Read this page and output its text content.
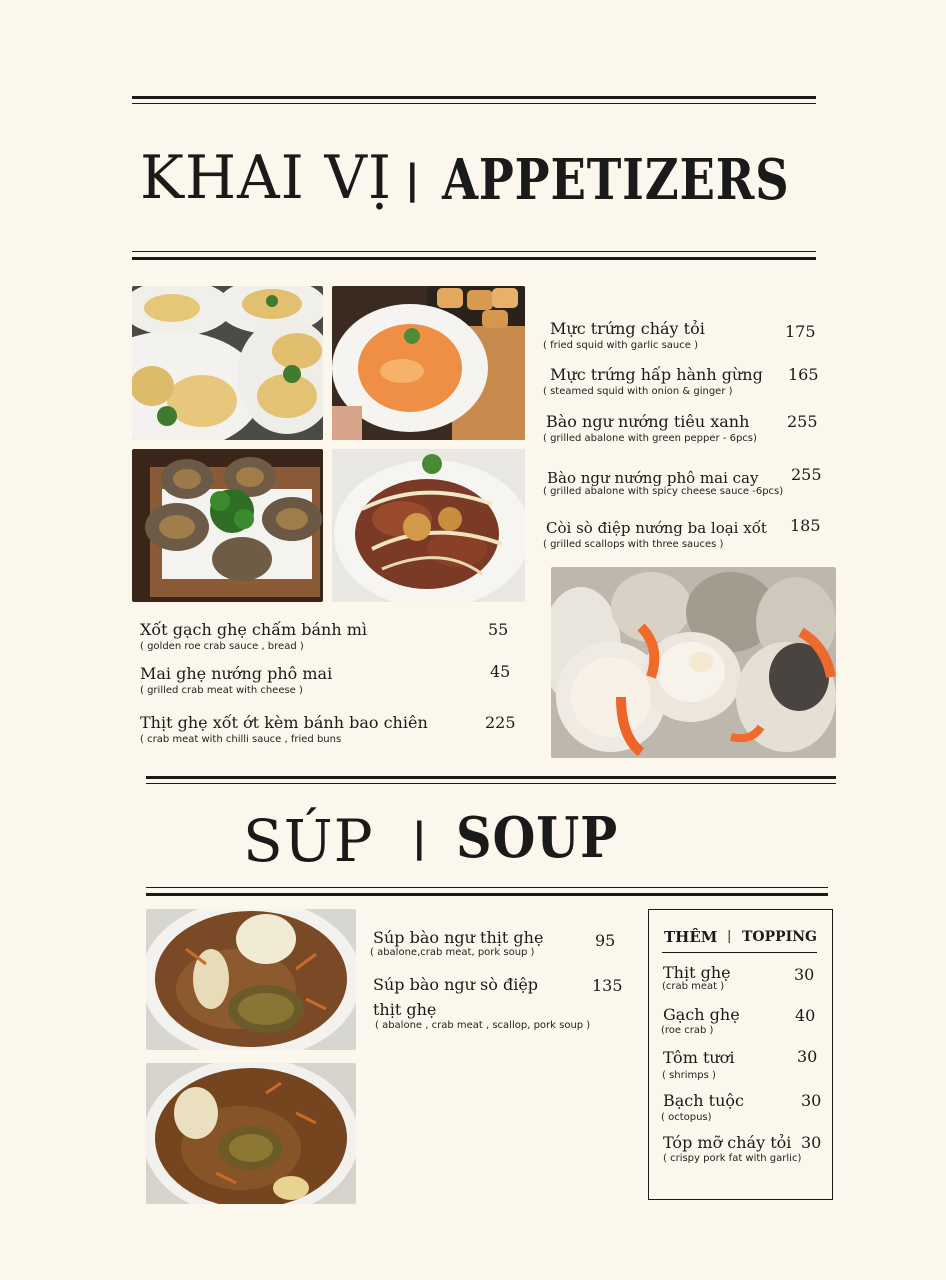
KHAI VỊ | APPETIZERS
Mực trứng cháy tỏi
( fried squid with garlic sauce )
175
Mực trứng hấp hành gừng
( steamed squid with onion & ginger )
165
Bào ngư nướng tiêu xanh
( grilled abalone with green pepper - 6pcs)
255
Bào ngư nướng phô mai cay
( grilled abalone with spicy cheese sauce -6pcs)
255
Còi sò điệp nướng ba loại xốt
( grilled scallops with three sauces )
185
Xốt gạch ghẹ chấm bánh mì
( golden roe crab sauce , bread )
55
Mai ghẹ nướng phô mai
( grilled crab meat with cheese )
45
Thịt ghẹ xốt ớt kèm bánh bao chiên
( crab meat with chilli sauce , fried buns
225
SÚP | SOUP
Súp bào ngư thịt ghẹ
( abalone,crab meat, pork soup )
95
Súp bào ngư sò điệp
thịt ghẹ
( abalone , crab meat , scallop, pork soup )
135
THÊM | TOPPING
Thịt ghẹ
(crab meat )
30
Gạch ghẹ
(roe crab )
40
Tôm tươi
( shrimps )
30
Bạch tuộc
( octopus)
30
Tóp mỡ cháy tỏi
( crispy pork fat with garlic)
30
